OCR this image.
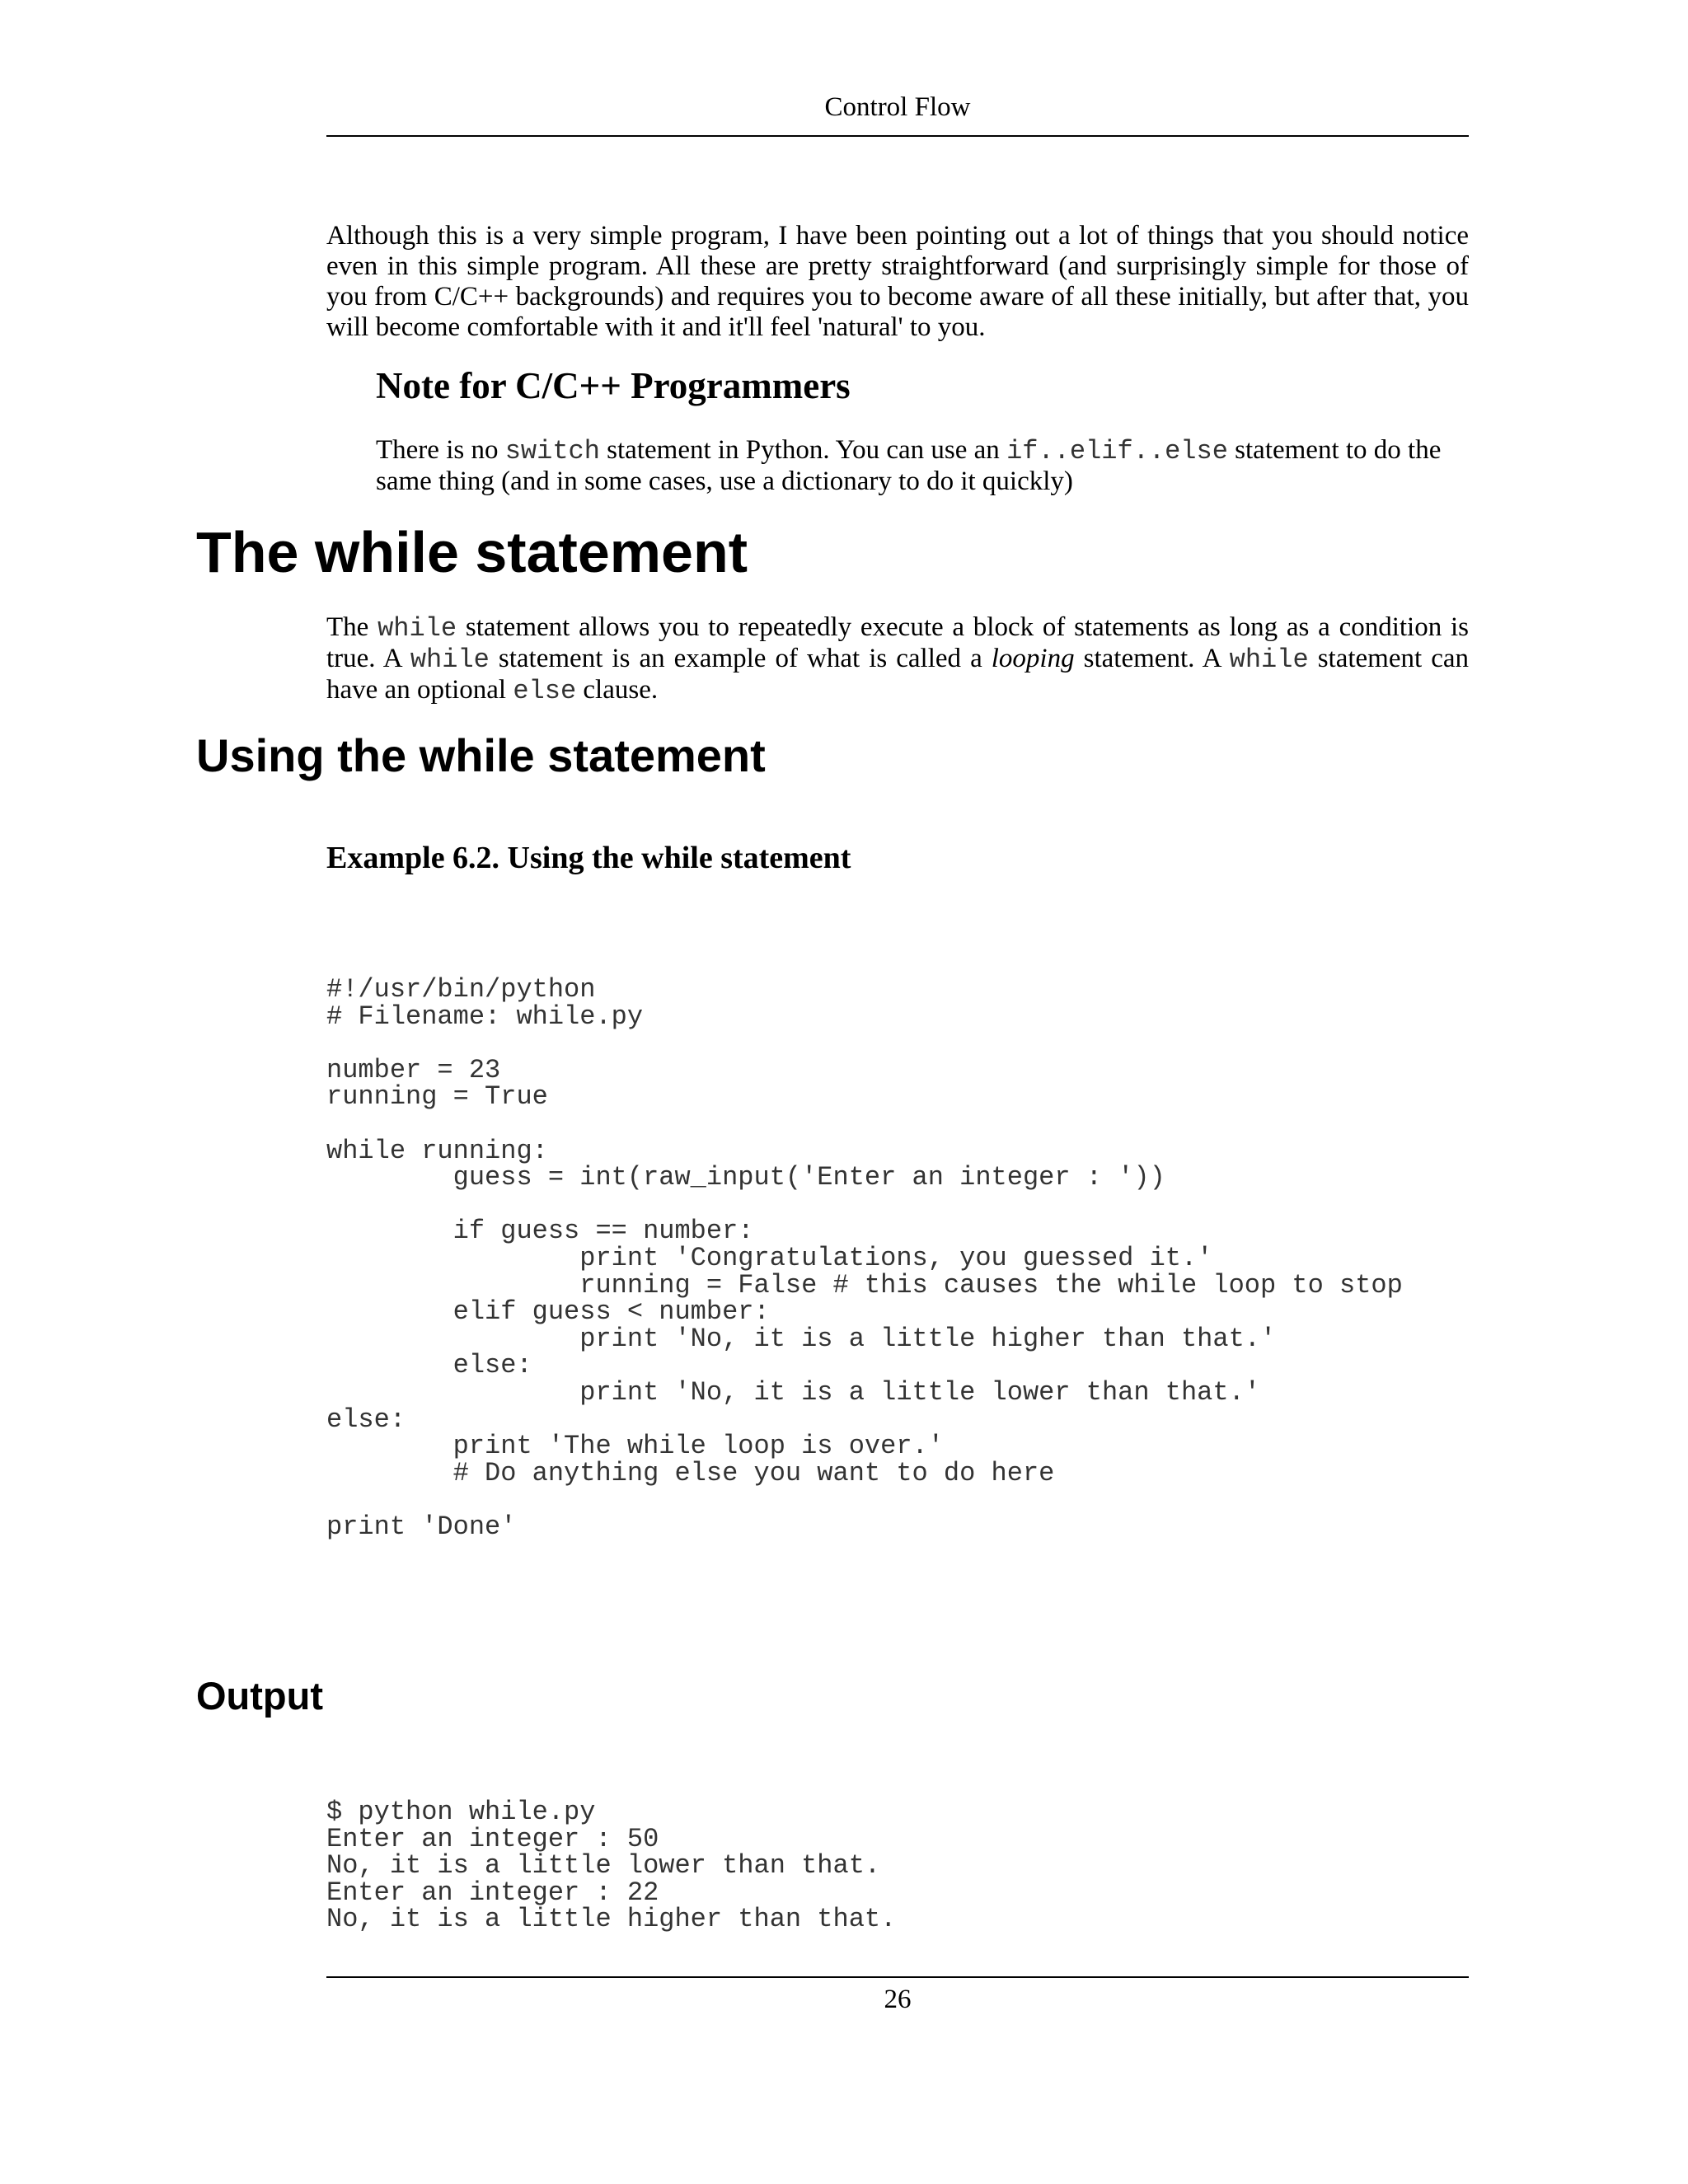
Control Flow

Although this is a very simple program, I have been pointing out a lot of things that you should notice even in this simple program. All these are pretty straightforward (and surprisingly simple for those of you from C/C++ backgrounds) and requires you to become aware of all these initially, but after that, you will become comfortable with it and it'll feel 'natural' to you.

Note for C/C++ Programmers

There is no switch statement in Python. You can use an if..elif..else statement to do the same thing (and in some cases, use a dictionary to do it quickly)

The while statement

The while statement allows you to repeatedly execute a block of statements as long as a condition is true. A while statement is an example of what is called a looping statement. A while statement can have an optional else clause.

Using the while statement
Example 6.2. Using the while statement
#!/usr/bin/python
# Filename: while.py

number = 23
running = True

while running:
	guess = int(raw_input('Enter an integer : '))

	if guess == number:
		print 'Congratulations, you guessed it.'
		running = False # this causes the while loop to stop
	elif guess < number:
		print 'No, it is a little higher than that.'
	else:
		print 'No, it is a little lower than that.'
else:
	print 'The while loop is over.'
	# Do anything else you want to do here

print 'Done'
Output
$ python while.py
Enter an integer : 50
No, it is a little lower than that.
Enter an integer : 22
No, it is a little higher than that.
26
